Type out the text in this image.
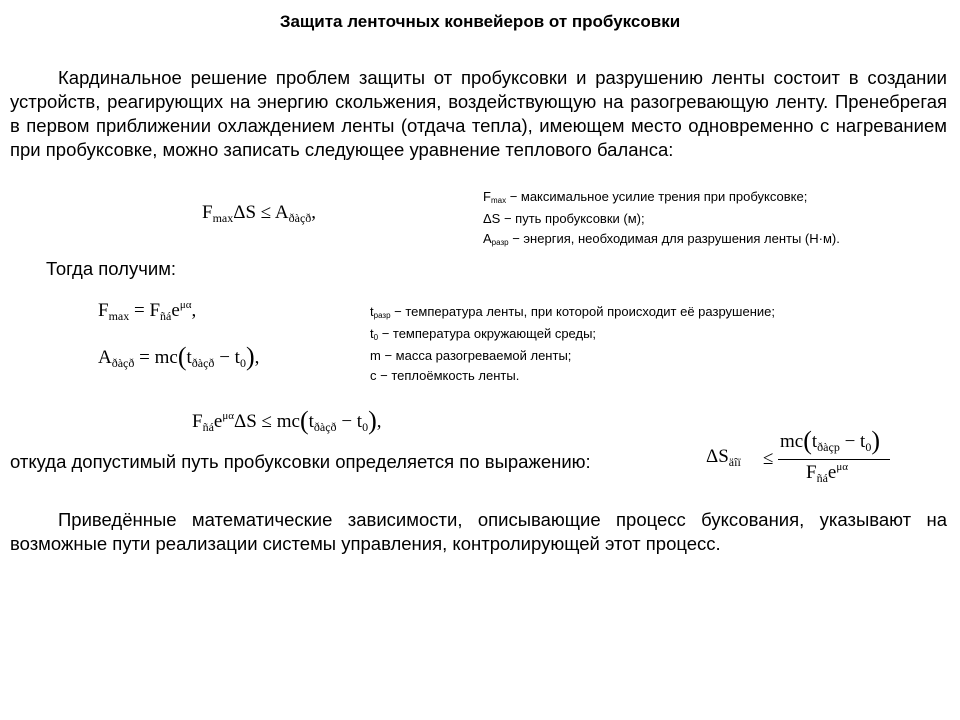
Защита ленточных конвейеров от пробуксовки
Кардинальное решение проблем защиты от пробуксовки и разрушению ленты состоит в создании устройств, реагирующих на энергию скольжения, воздействующую на разогревающую ленту. Пренебрегая в первом приближении охлаждением ленты (отдача тепла), имеющем место одновременно с нагреванием при пробуксовке, можно записать следующее уравнение теплового баланса:
$F_{max}\Delta S \le A_{ðàçð}$,
Fmax − максимальное усилие трения при пробуксовке;
ΔS − путь пробуксовки (м);
Aразр − энергия, необходимая для разрушения ленты (Н·м).
Тогда получим:
$F_{max} = F_{ñá}e^{\mu\alpha}$,
$A_{ðàçð} = mc(t_{ðàçð} - t_0)$,
tразр − температура ленты, при которой происходит её разрушение;
t0 − температура окружающей среды;
m − масса разогреваемой ленты;
c − теплоёмкость ленты.
$F_{ñá}e^{\mu\alpha}\Delta S \le mc(t_{ðàçð} - t_0)$,
откуда допустимый путь пробуксовки определяется по выражению:	$\Delta S_{äîï}$ ≤
$mc(t_{ðàçр} - t_0)$
$F_{ñá}e^{\mu\alpha}$
Приведённые математические зависимости, описывающие процесс буксования, указывают на возможные пути реализации системы управления, контролирующей этот процесс.
